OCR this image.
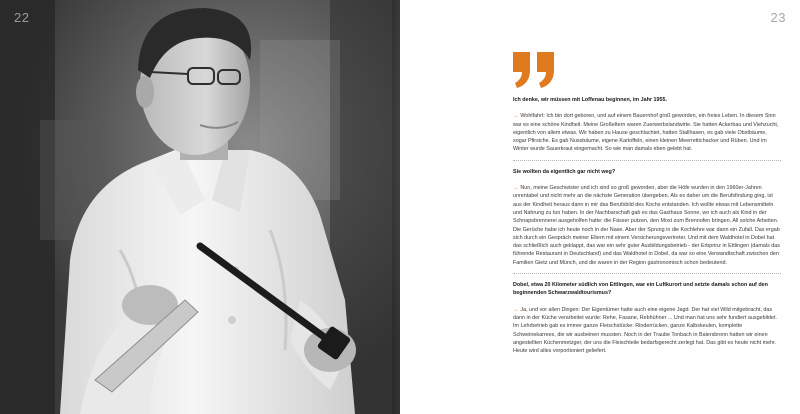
22	23

Ich denke, wir müssen mit Loffenau beginnen, im Jahr 1955.

→ Wohlfahrt: Ich bin dort geboren, und auf einem Bauernhof groß geworden, ein freies Leben. In diesem Sinn war es eine schöne Kindheit. Meine Großeltern waren Zuerwerbslandwirte. Sie hatten Ackerbau und Viehzucht, eigentlich von allem etwas. Wir haben zu Hause geschlachtet, hatten Stallhasen, es gab viele Obstbäume, sogar Pfirsiche. Es gab Nussbäume, eigene Kartoffeln, einen kleinen Meerrettichacker und Rüben. Und im Winter wurde Sauerkraut eingemacht. So wie man damals eben gelebt hat.

Sie wollten da eigentlich gar nicht weg?

→ Nun, meine Geschwister und ich sind so groß geworden, aber die Höfe wurden in den 1960er-Jahren unrentabel und nicht mehr an die nächste Generation übergeben. Als es daher um die Berufsfindung ging, ist aus der Kindheit heraus dann in mir das Berufsbild des Kochs entstanden. Ich wollte etwas mit Lebensmitteln und Nahrung zu tun haben. In der Nachbarschaft gab es das Gasthaus Sonne, wo ich auch als Kind in der Schnapsbrennerei ausgeholfen hatte: die Fässer putzen, den Most zum Brennofen bringen. All solche Arbeiten. Die Gerüche habe ich heute noch in der Nase. Aber der Sprung in die Kochlehre war dann ein Zufall. Das ergab sich durch ein Gespräch meiner Eltern mit einem Versicherungsvertreter. Und mit dem Waldhotel in Dobel hat das schließlich auch geklappt, das war ein sehr guter Ausbildungsbetrieb - der Erbprinz in Ettlingen (damals das führende Restaurant in Deutschland) und das Waldhotel in Dobel, da war so eine Verwandtschaft zwischen den Familien Gietz und Münch, und die waren in der Region gastronomisch schon bedeutend.

Dobel, etwa 20 Kilometer südlich von Ettlingen, war ein Luftkurort und setzte damals schon auf den beginnenden Schwarzwaldtourismus?

→ Ja, und vor allen Dingen: Der Eigentümer hatte auch eine eigene Jagd. Der hat viel Wild mitgebracht, das dann in der Küche verarbeitet wurde: Rehe, Fasane, Rebhühner ... Und man hat uns sehr fundiert ausgebildet. Im Lehrbetrieb gab es immer ganze Fleischstücke: Rinderrücken, ganze Kalbskeulen, komplette Schweinekarrees, die wir ausbeinen mussten. Noch in der Traube Tonbach in Baiersbronn hatten wir einen angestellten Küchenmetzger, der uns die Fleischteile bedarfsgerecht zerlegt hat. Das gibt es heute nicht mehr. Heute wird alles vorportioniert geliefert.
